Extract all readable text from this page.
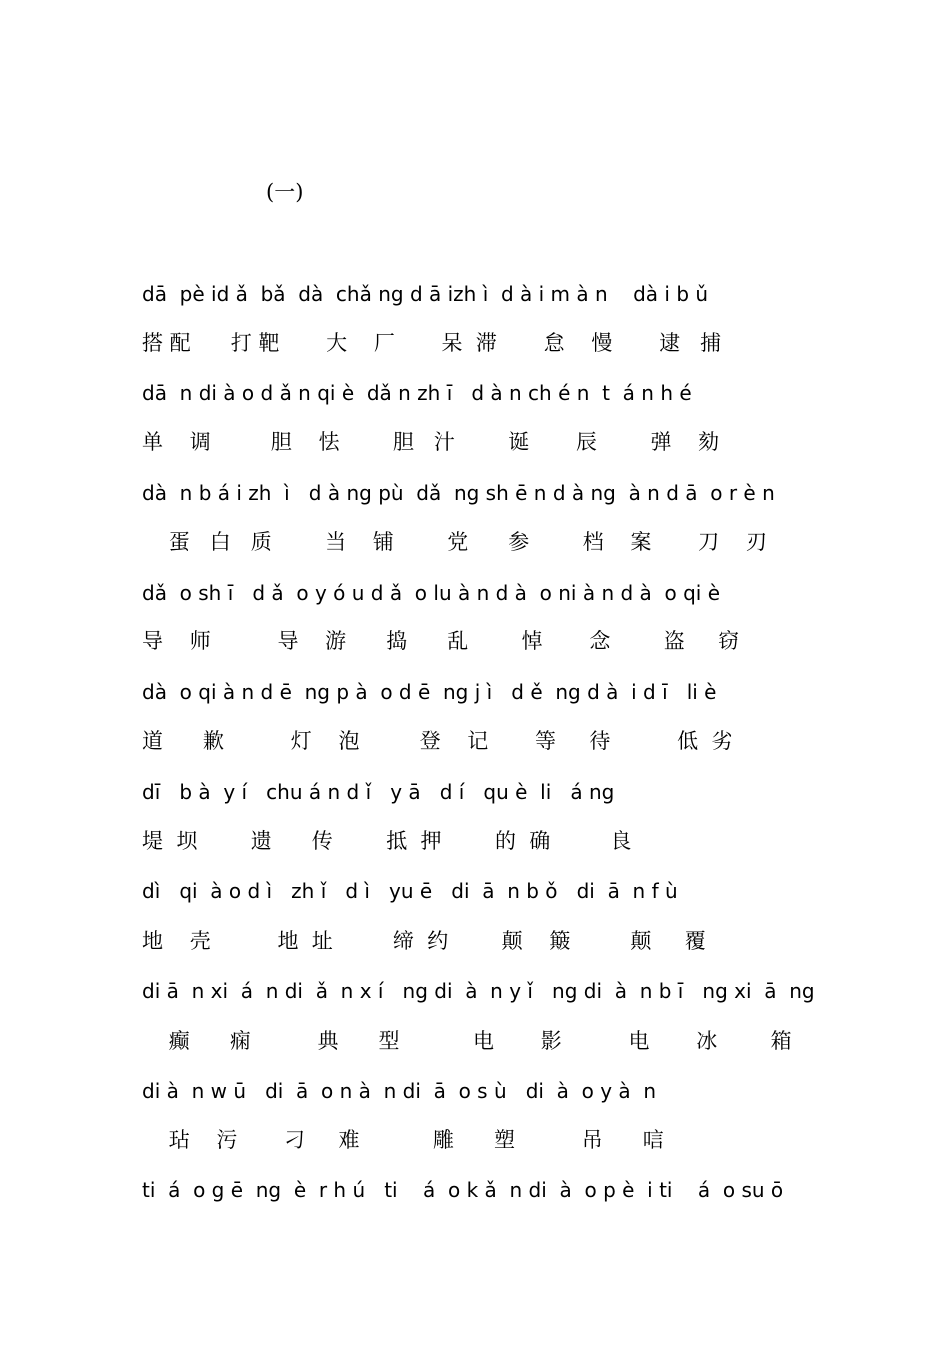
(一)
dā  pè id ǎ  bǎ  dà  chǎ ng d ā izh ì  d à i m à n    dà i b ǔ
搭 配      打 靶       大    厂       呆  滞       怠    慢       逮   捕
dā  n di à o d ǎ n qi è  dǎ n zh ī   d à n ch é n  t  á n h é
单    调         胆    怯        胆   汁        诞       辰        弹    劾
dà  n b á i zh  ì   d à ng pù  dǎ  ng sh ē n d à ng  à n d ā  o r è n
蛋   白   质        当    铺        党      参        档    案       刀    刃
dǎ  o sh ī   d ǎ  o y ó u d ǎ  o lu à n d à  o ni à n d à  o qi è
导    师          导    游      捣      乱        悼       念        盗     窃
dà  o qi à n d ē  ng p à  o d ē  ng j ì   d ě  ng d à  i d ī   li è
道      歉          灯    泡         登    记       等     待          低  劣
dī   b à  y í   chu á n d ǐ   y ā   d í   qu è  li   á ng
堤  坝        遗      传        抵  押        的  确         良
dì   qi  à o d ì   zh ǐ   d ì   yu ē   di  ā  n b ǒ   di  ā  n f ù
地    壳          地  址         缔  约        颠    簸         颠     覆
di ā  n xi  á  n di  ǎ  n x í   ng di  à  n y ǐ   ng di  à  n b ī   ng xi  ā  ng
癫      痫          典      型           电       影          电       冰        箱
di à  n w ū   di  ā  o n à  n di  ā  o s ù   di  à  o y à  n
玷    污       刁     难           雕      塑          吊      唁
ti  á  o g ē  ng  è  r h ú   ti    á  o k ǎ  n di  à  o p è  i ti    á  o su ō
